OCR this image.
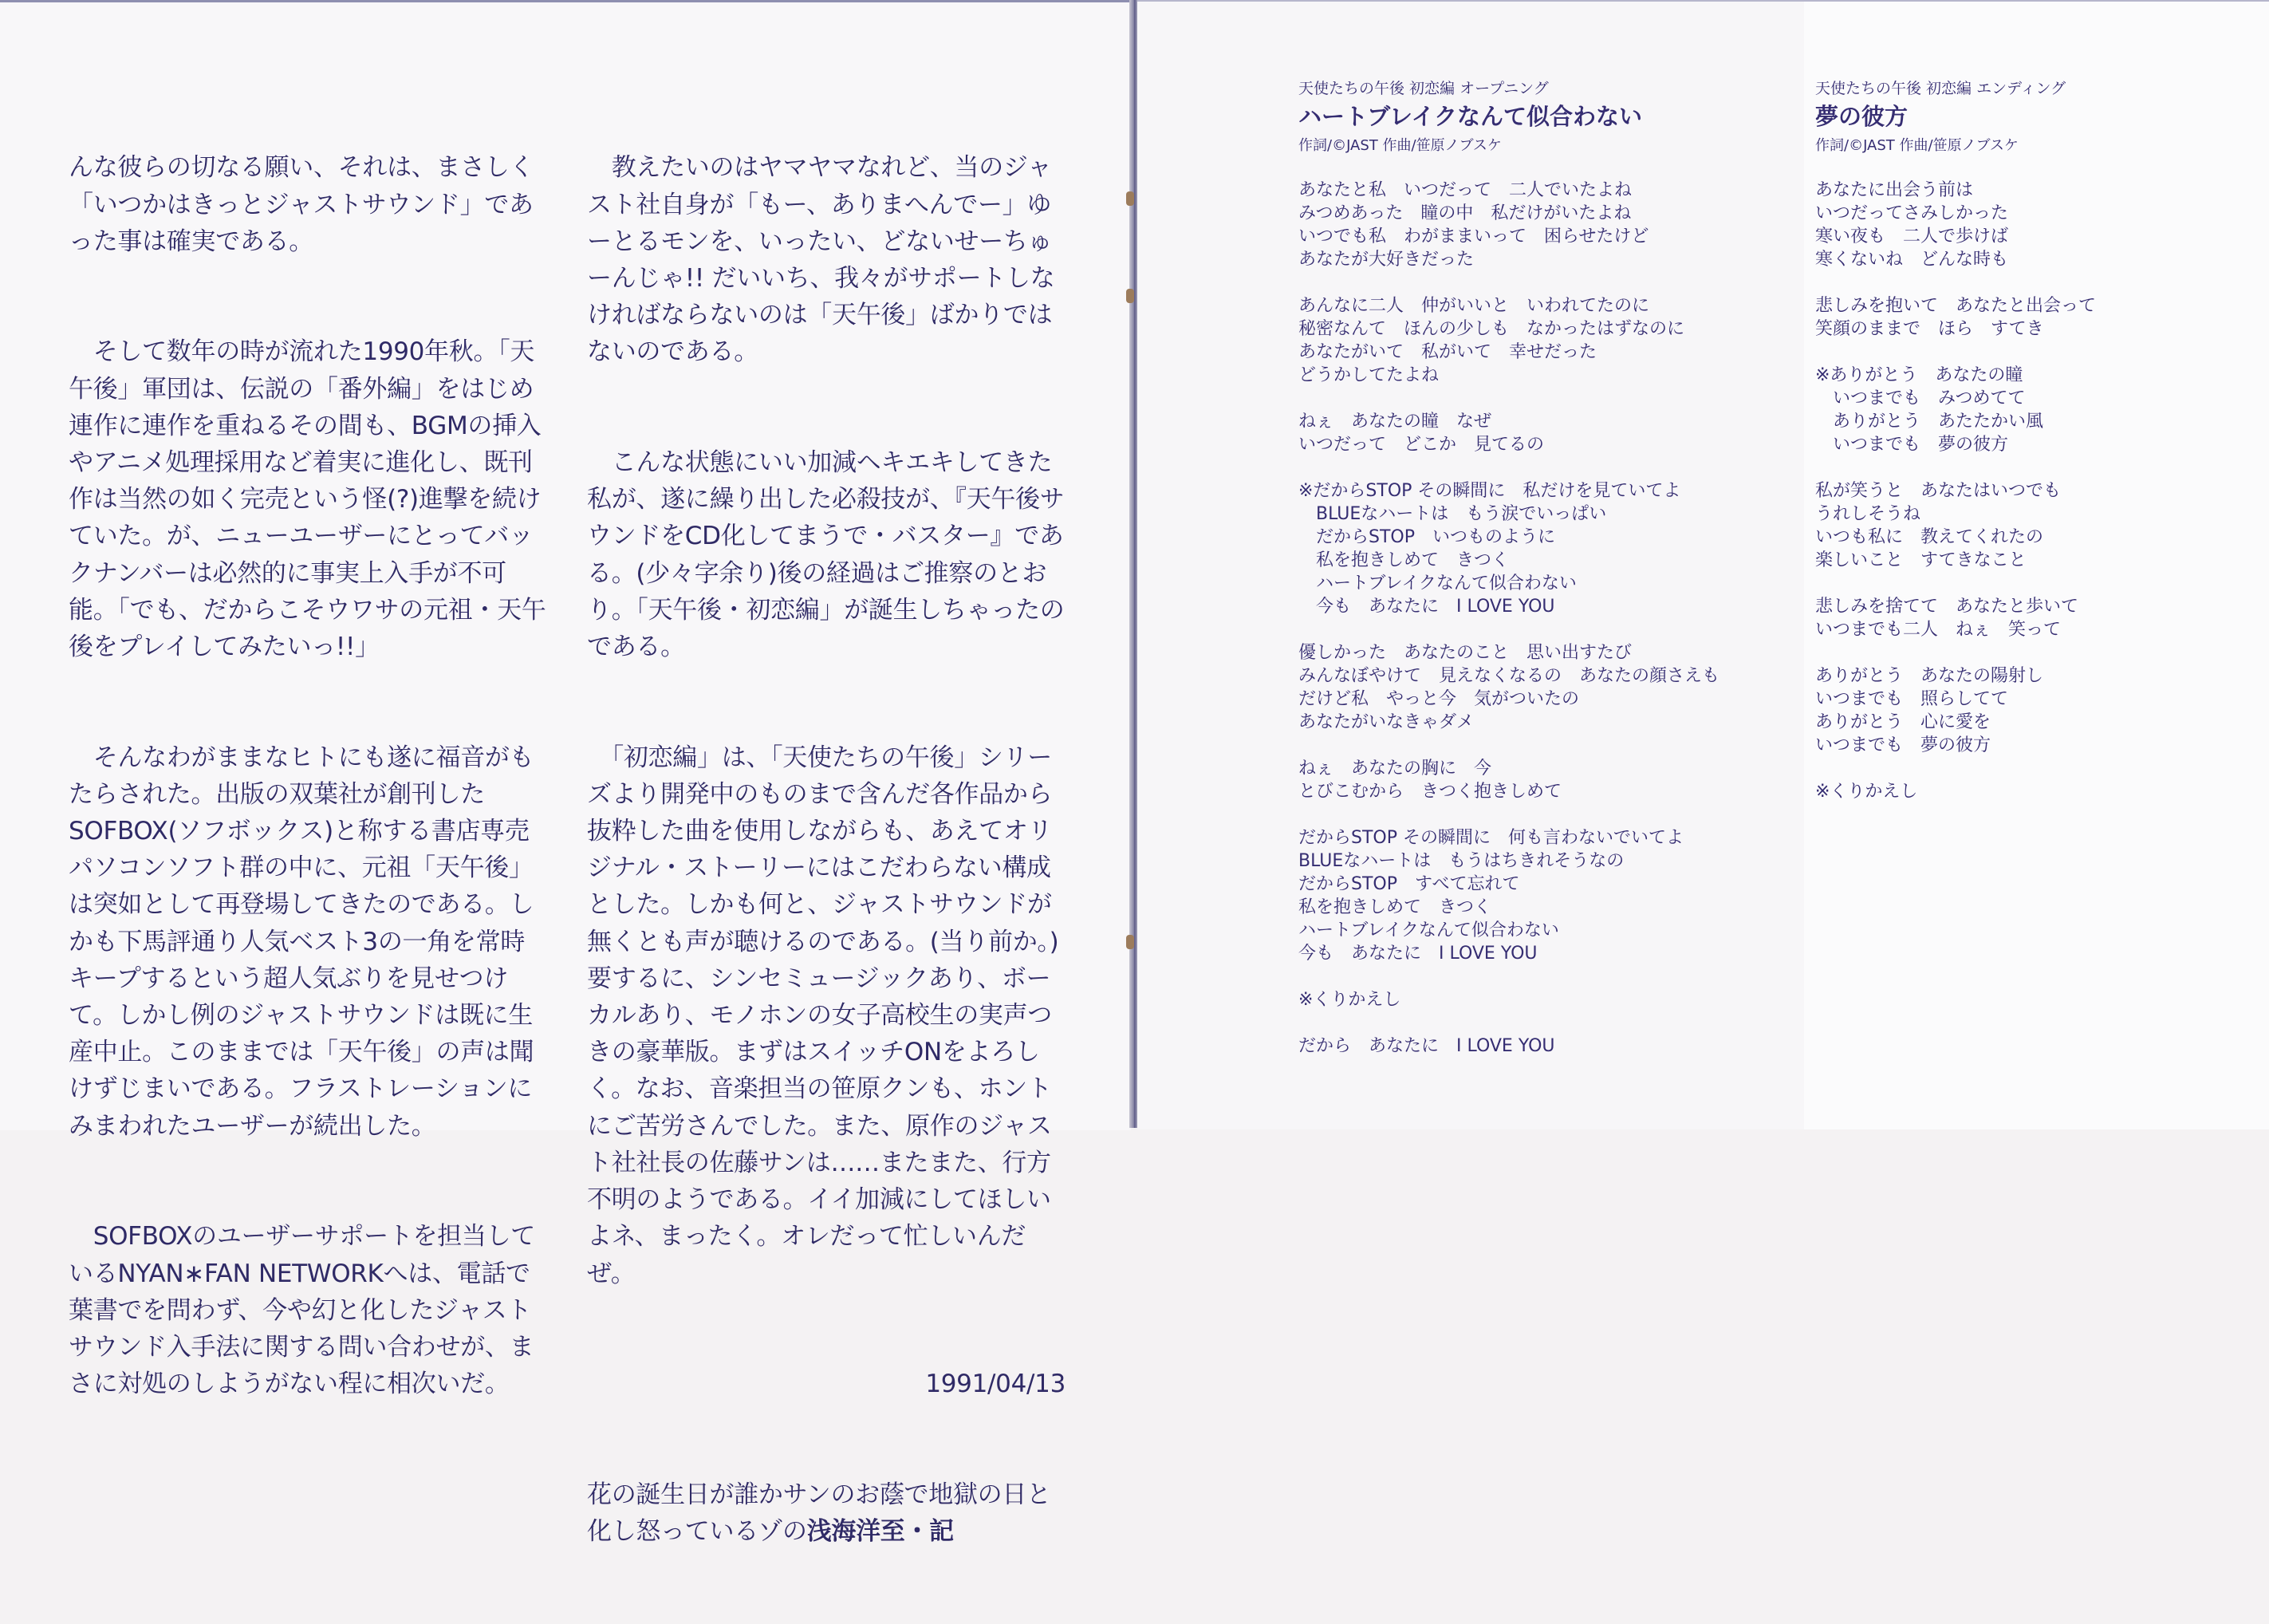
んな彼らの切なる願い、それは、まさしく「いつかはきっとジャストサウンド」であった事は確実である。

　そして数年の時が流れた1990年秋。「天午後」軍団は、伝説の「番外編」をはじめ連作に連作を重ねるその間も、BGMの挿入やアニメ処理採用など着実に進化し、既刊作は当然の如く完売という怪(?)進撃を続けていた。が、ニューユーザーにとってバックナンバーは必然的に事実上入手が不可能。「でも、だからこそウワサの元祖・天午後をプレイしてみたいっ!!」

　そんなわがままなヒトにも遂に福音がもたらされた。出版の双葉社が創刊したSOFBOX(ソフボックス)と称する書店専売パソコンソフト群の中に、元祖「天午後」は突如として再登場してきたのである。しかも下馬評通り人気ベスト3の一角を常時キープするという超人気ぶりを見せつけて。しかし例のジャストサウンドは既に生産中止。このままでは「天午後」の声は聞けずじまいである。フラストレーションにみまわれたユーザーが続出した。

　SOFBOXのユーザーサポートを担当しているNYAN∗FAN NETWORKへは、電話で葉書でを問わず、今や幻と化したジャストサウンド入手法に関する問い合わせが、まさに対処のしようがない程に相次いだ。

　教えたいのはヤマヤマなれど、当のジャスト社自身が「もー、ありまへんでー」ゆーとるモンを、いったい、どないせーちゅーんじゃ!! だいいち、我々がサポートしなければならないのは「天午後」ばかりではないのである。

　こんな状態にいい加減ヘキエキしてきた私が、遂に繰り出した必殺技が、『天午後サウンドをCD化してまうで・バスター』である。(少々字余り)後の経過はご推察のとおり。「天午後・初恋編」が誕生しちゃったのである。

　「初恋編」は、「天使たちの午後」シリーズより開発中のものまで含んだ各作品から抜粋した曲を使用しながらも、あえてオリジナル・ストーリーにはこだわらない構成とした。しかも何と、ジャストサウンドが無くとも声が聴けるのである。(当り前か。)要するに、シンセミュージックあり、ボーカルあり、モノホンの女子高校生の実声つきの豪華版。まずはスイッチONをよろしく。なお、音楽担当の笹原クンも、ホントにご苦労さんでした。また、原作のジャスト社社長の佐藤サンは……またまた、行方不明のようである。イイ加減にしてほしいよネ、まったく。オレだって忙しいんだぜ。

1991/04/13

花の誕生日が誰かサンのお蔭で地獄の日と化し怒っているゾの浅海洋至・記

天使たちの午後 初恋編 オープニング
ハートブレイクなんて似合わない
作詞/©JAST 作曲/笹原ノブスケ

あなたと私　いつだって　二人でいたよね
みつめあった　瞳の中　私だけがいたよね
いつでも私　わがままいって　困らせたけど
あなたが大好きだった

あんなに二人　仲がいいと　いわれてたのに
秘密なんて　ほんの少しも　なかったはずなのに
あなたがいて　私がいて　幸せだった
どうかしてたよね

ねぇ　あなたの瞳　なぜ
いつだって　どこか　見てるの

※だからSTOP その瞬間に　私だけを見ていてよ
　BLUEなハートは　もう涙でいっぱい
　だからSTOP　いつものように
　私を抱きしめて　きつく
　ハートブレイクなんて似合わない
　今も　あなたに　I LOVE YOU

優しかった　あなたのこと　思い出すたび
みんなぼやけて　見えなくなるの　あなたの顔さえも
だけど私　やっと今　気がついたの
あなたがいなきゃダメ

ねぇ　あなたの胸に　今
とびこむから　きつく抱きしめて

だからSTOP その瞬間に　何も言わないでいてよ
BLUEなハートは　もうはちきれそうなの
だからSTOP　すべて忘れて
私を抱きしめて　きつく
ハートブレイクなんて似合わない
今も　あなたに　I LOVE YOU

※くりかえし

だから　あなたに　I LOVE YOU

天使たちの午後 初恋編 エンディング
夢の彼方
作詞/©JAST 作曲/笹原ノブスケ

あなたに出会う前は
いつだってさみしかった
寒い夜も　二人で歩けば
寒くないね　どんな時も

悲しみを抱いて　あなたと出会って
笑顔のままで　ほら　すてき

※ありがとう　あなたの瞳
　いつまでも　みつめてて
　ありがとう　あたたかい風
　いつまでも　夢の彼方

私が笑うと　あなたはいつでも
うれしそうね
いつも私に　教えてくれたの
楽しいこと　すてきなこと

悲しみを捨てて　あなたと歩いて
いつまでも二人　ねぇ　笑って

ありがとう　あなたの陽射し
いつまでも　照らしてて
ありがとう　心に愛を
いつまでも　夢の彼方

※くりかえし
